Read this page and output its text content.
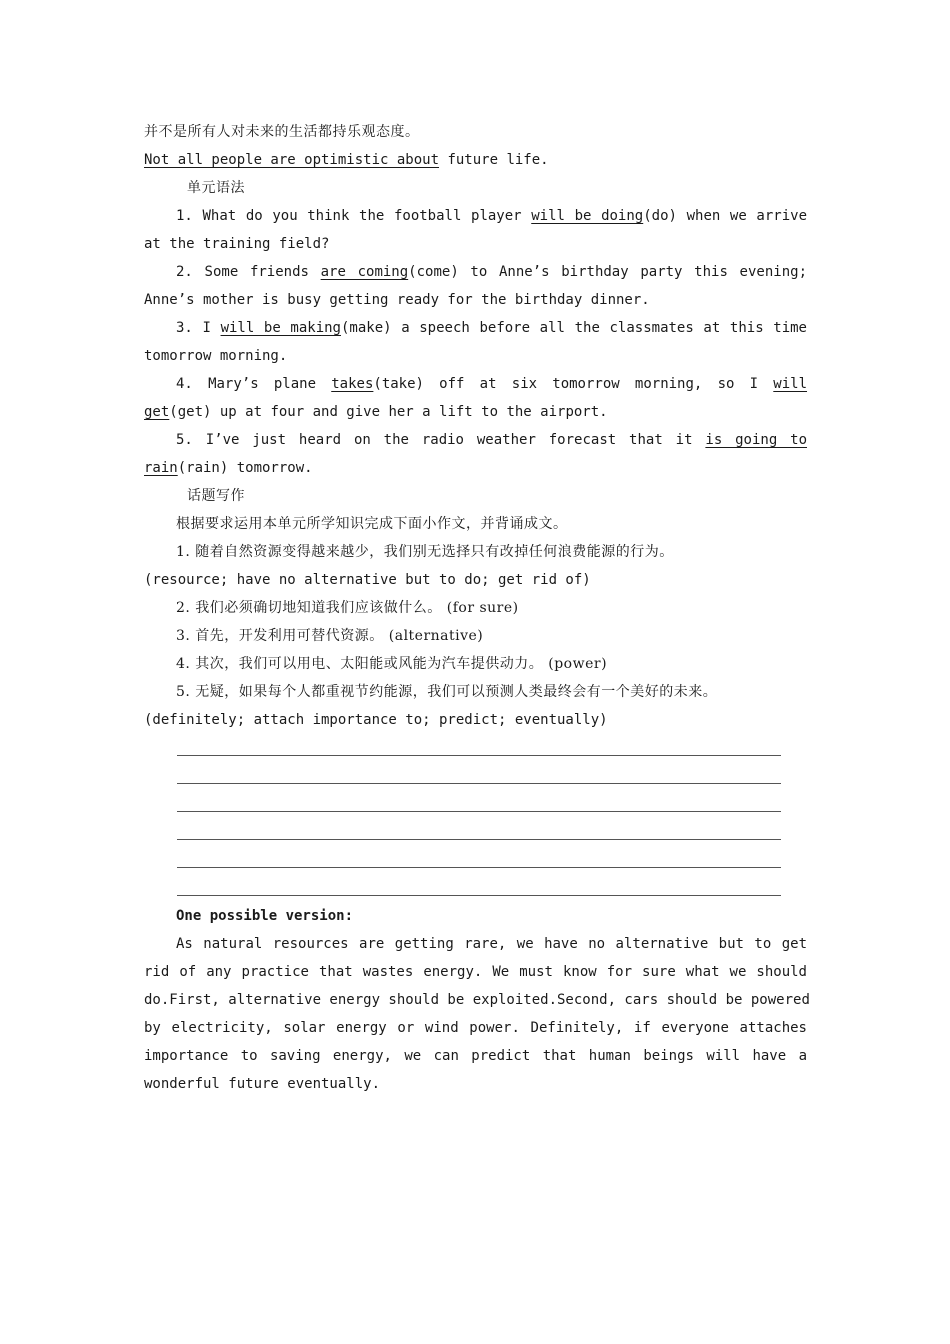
并不是所有人对未来的生活都持乐观态度。
Not all people are optimistic about future life.
单元语法
1. What do you think the football player will be doing(do) when we arrive
at the training field?
2. Some friends are coming(come) to Anne’s birthday party this evening;
Anne’s mother is busy getting ready for the birthday dinner.
3. I will be making(make) a speech before all the classmates at this time
tomorrow morning.
4. Mary’s plane takes(take) off at six tomorrow morning, so I will
get(get) up at four and give her a lift to the airport.
5. I’ve just heard on the radio weather forecast that it is going to
rain(rain) tomorrow.
话题写作
根据要求运用本单元所学知识完成下面小作文，并背诵成文。
1. 随着自然资源变得越来越少，我们别无选择只有改掉任何浪费能源的行为。
(resource; have no alternative but to do; get rid of)
2. 我们必须确切地知道我们应该做什么。 (for sure)
3. 首先，开发利用可替代资源。 (alternative)
4. 其次，我们可以用电、太阳能或风能为汽车提供动力。 (power)
5. 无疑，如果每个人都重视节约能源，我们可以预测人类最终会有一个美好的未来。
(definitely; attach importance to; predict; eventually)
One possible version:
As natural resources are getting rare, we have no alternative but to get
rid of any practice that wastes energy. We must know for sure what we should
do.First, alternative energy should be exploited.Second, cars should be powered
by electricity, solar energy or wind power. Definitely, if everyone attaches
importance to saving energy, we can predict that human beings will have a
wonderful future eventually.
